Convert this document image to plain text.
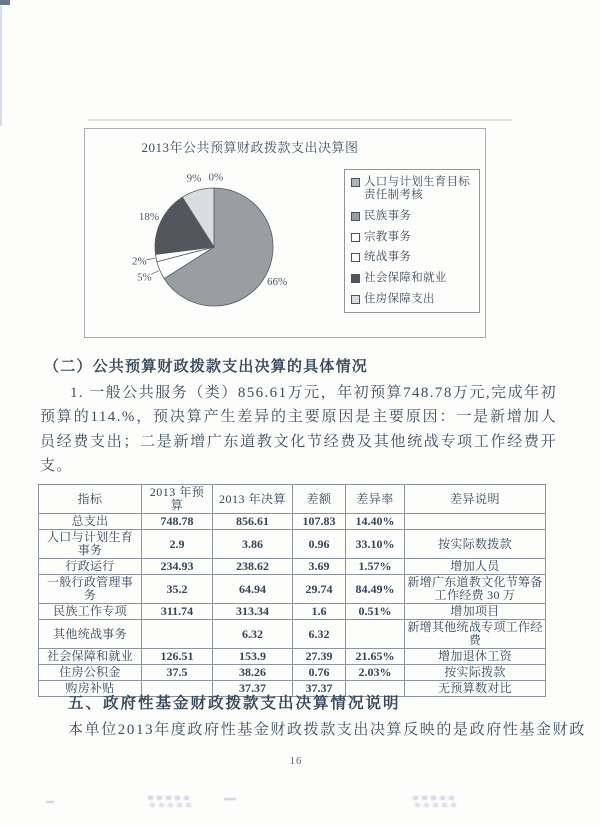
2013年公共预算财政拨款支出决算图
0%
66%
5%
2%
18%
9%	人口与计划生育目标责任制考核
民族事务
宗教事务
统战事务
社会保障和就业
住房保障支出
（二）公共预算财政拨款支出决算的具体情况

1. 一般公共服务（类）856.61万元，年初预算748.78万元,完成年初预算的114.%，预决算产生差异的主要原因是主要原因：一是新增加人员经费支出；二是新增广东道教文化节经费及其他统战专项工作经费开支。

指标	2013 年预算	2013 年决算	差额	差异率	差异说明
总支出	748.78	856.61	107.83	14.40%	
人口与计划生育事务	2.9	3.86	0.96	33.10%	按实际数拨款
行政运行	234.93	238.62	3.69	1.57%	增加人员
一般行政管理事务	35.2	64.94	29.74	84.49%	新增广东道教文化节筹备工作经费 30 万
民族工作专项	311.74	313.34	1.6	0.51%	增加项目
其他统战事务		6.32	6.32		新增其他统战专项工作经费
社会保障和就业	126.51	153.9	27.39	21.65%	增加退休工资
住房公积金	37.5	38.26	0.76	2.03%	按实际拨款
购房补贴		37.37	37.37		无预算数对比
五、政府性基金财政拨款支出决算情况说明

本单位2013年度政府性基金财政拨款支出决算反映的是政府性基金财政

16
